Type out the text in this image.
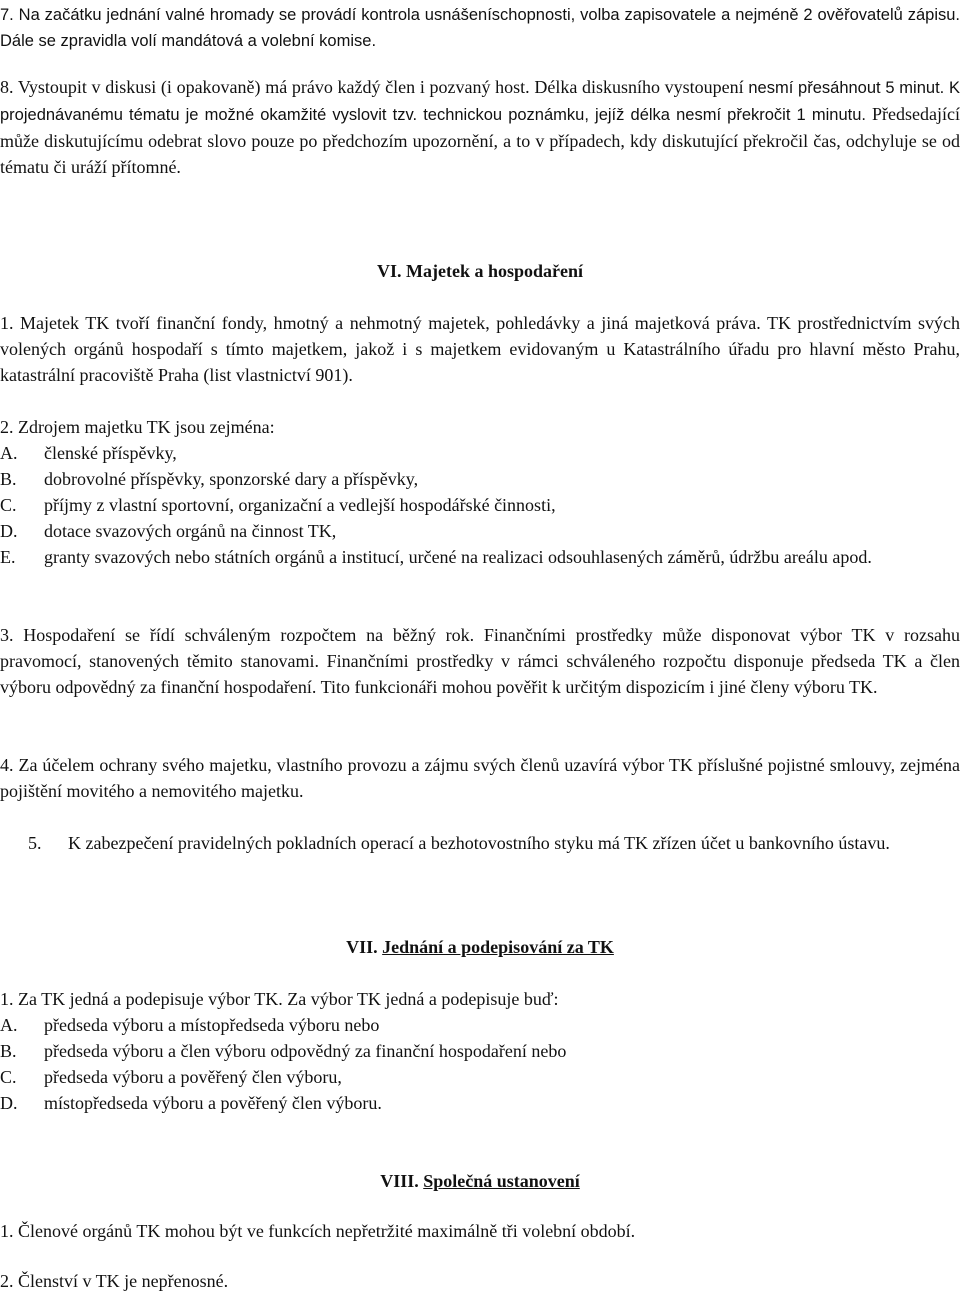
7. Na začátku jednání valné hromady se provádí kontrola usnášeníschopnosti, volba zapisovatele a nejméně 2 ověřovatelů zápisu. Dále se zpravidla volí mandátová a volební komise.

8. Vystoupit v diskusi (i opakovaně) má právo každý člen i pozvaný host. Délka diskusního vystoupení nesmí přesáhnout 5 minut. K projednávanému tématu je možné okamžité vyslovit tzv. technickou poznámku, jejíž délka nesmí překročit 1 minutu. Předsedající může diskutujícímu odebrat slovo pouze po předchozím upozornění, a to v případech, kdy diskutující překročil čas, odchyluje se od tématu či uráží přítomné.
VI. Majetek a hospodaření

1. Majetek TK tvoří finanční fondy, hmotný a nehmotný majetek, pohledávky a jiná majetková práva. TK prostřednictvím svých volených orgánů hospodaří s tímto majetkem, jakož i s majetkem evidovaným u Katastrálního úřadu pro hlavní město Prahu, katastrální pracoviště Praha (list vlastnictví 901).

2. Zdrojem majetku TK jsou zejména:

A.	členské příspěvky,
B.	dobrovolné příspěvky, sponzorské dary a příspěvky,
C.	příjmy z vlastní sportovní, organizační a vedlejší hospodářské činnosti,
D.	dotace svazových orgánů na činnost TK,
E.	granty svazových nebo státních orgánů a institucí, určené na realizaci odsouhlasených záměrů, údržbu areálu apod.

3. Hospodaření se řídí schváleným rozpočtem na běžný rok. Finančními prostředky může disponovat výbor TK v rozsahu pravomocí, stanovených těmito stanovami. Finančními prostředky v rámci schváleného rozpočtu disponuje předseda TK a člen výboru odpovědný za finanční hospodaření. Tito funkcionáři mohou pověřit k určitým dispozicím i jiné členy výboru TK.

4. Za účelem ochrany svého majetku, vlastního provozu a zájmu svých členů uzavírá výbor TK příslušné pojistné smlouvy, zejména pojištění movitého a nemovitého majetku.

5.	K zabezpečení pravidelných pokladních operací a bezhotovostního styku má TK zřízen účet u bankovního ústavu.
VII. Jednání a podepisování za TK

1. Za TK jedná a podepisuje výbor TK. Za výbor TK jedná a podepisuje buď:

A.	předseda výboru a místopředseda výboru nebo
B.	předseda výboru a člen výboru odpovědný za finanční hospodaření nebo
C.	předseda výboru a pověřený člen výboru,
D.	místopředseda výboru a pověřený člen výboru.
VIII. Společná ustanovení

1. Členové orgánů TK mohou být ve funkcích nepřetržité maximálně tři volební období.

2. Členství v TK je nepřenosné.
